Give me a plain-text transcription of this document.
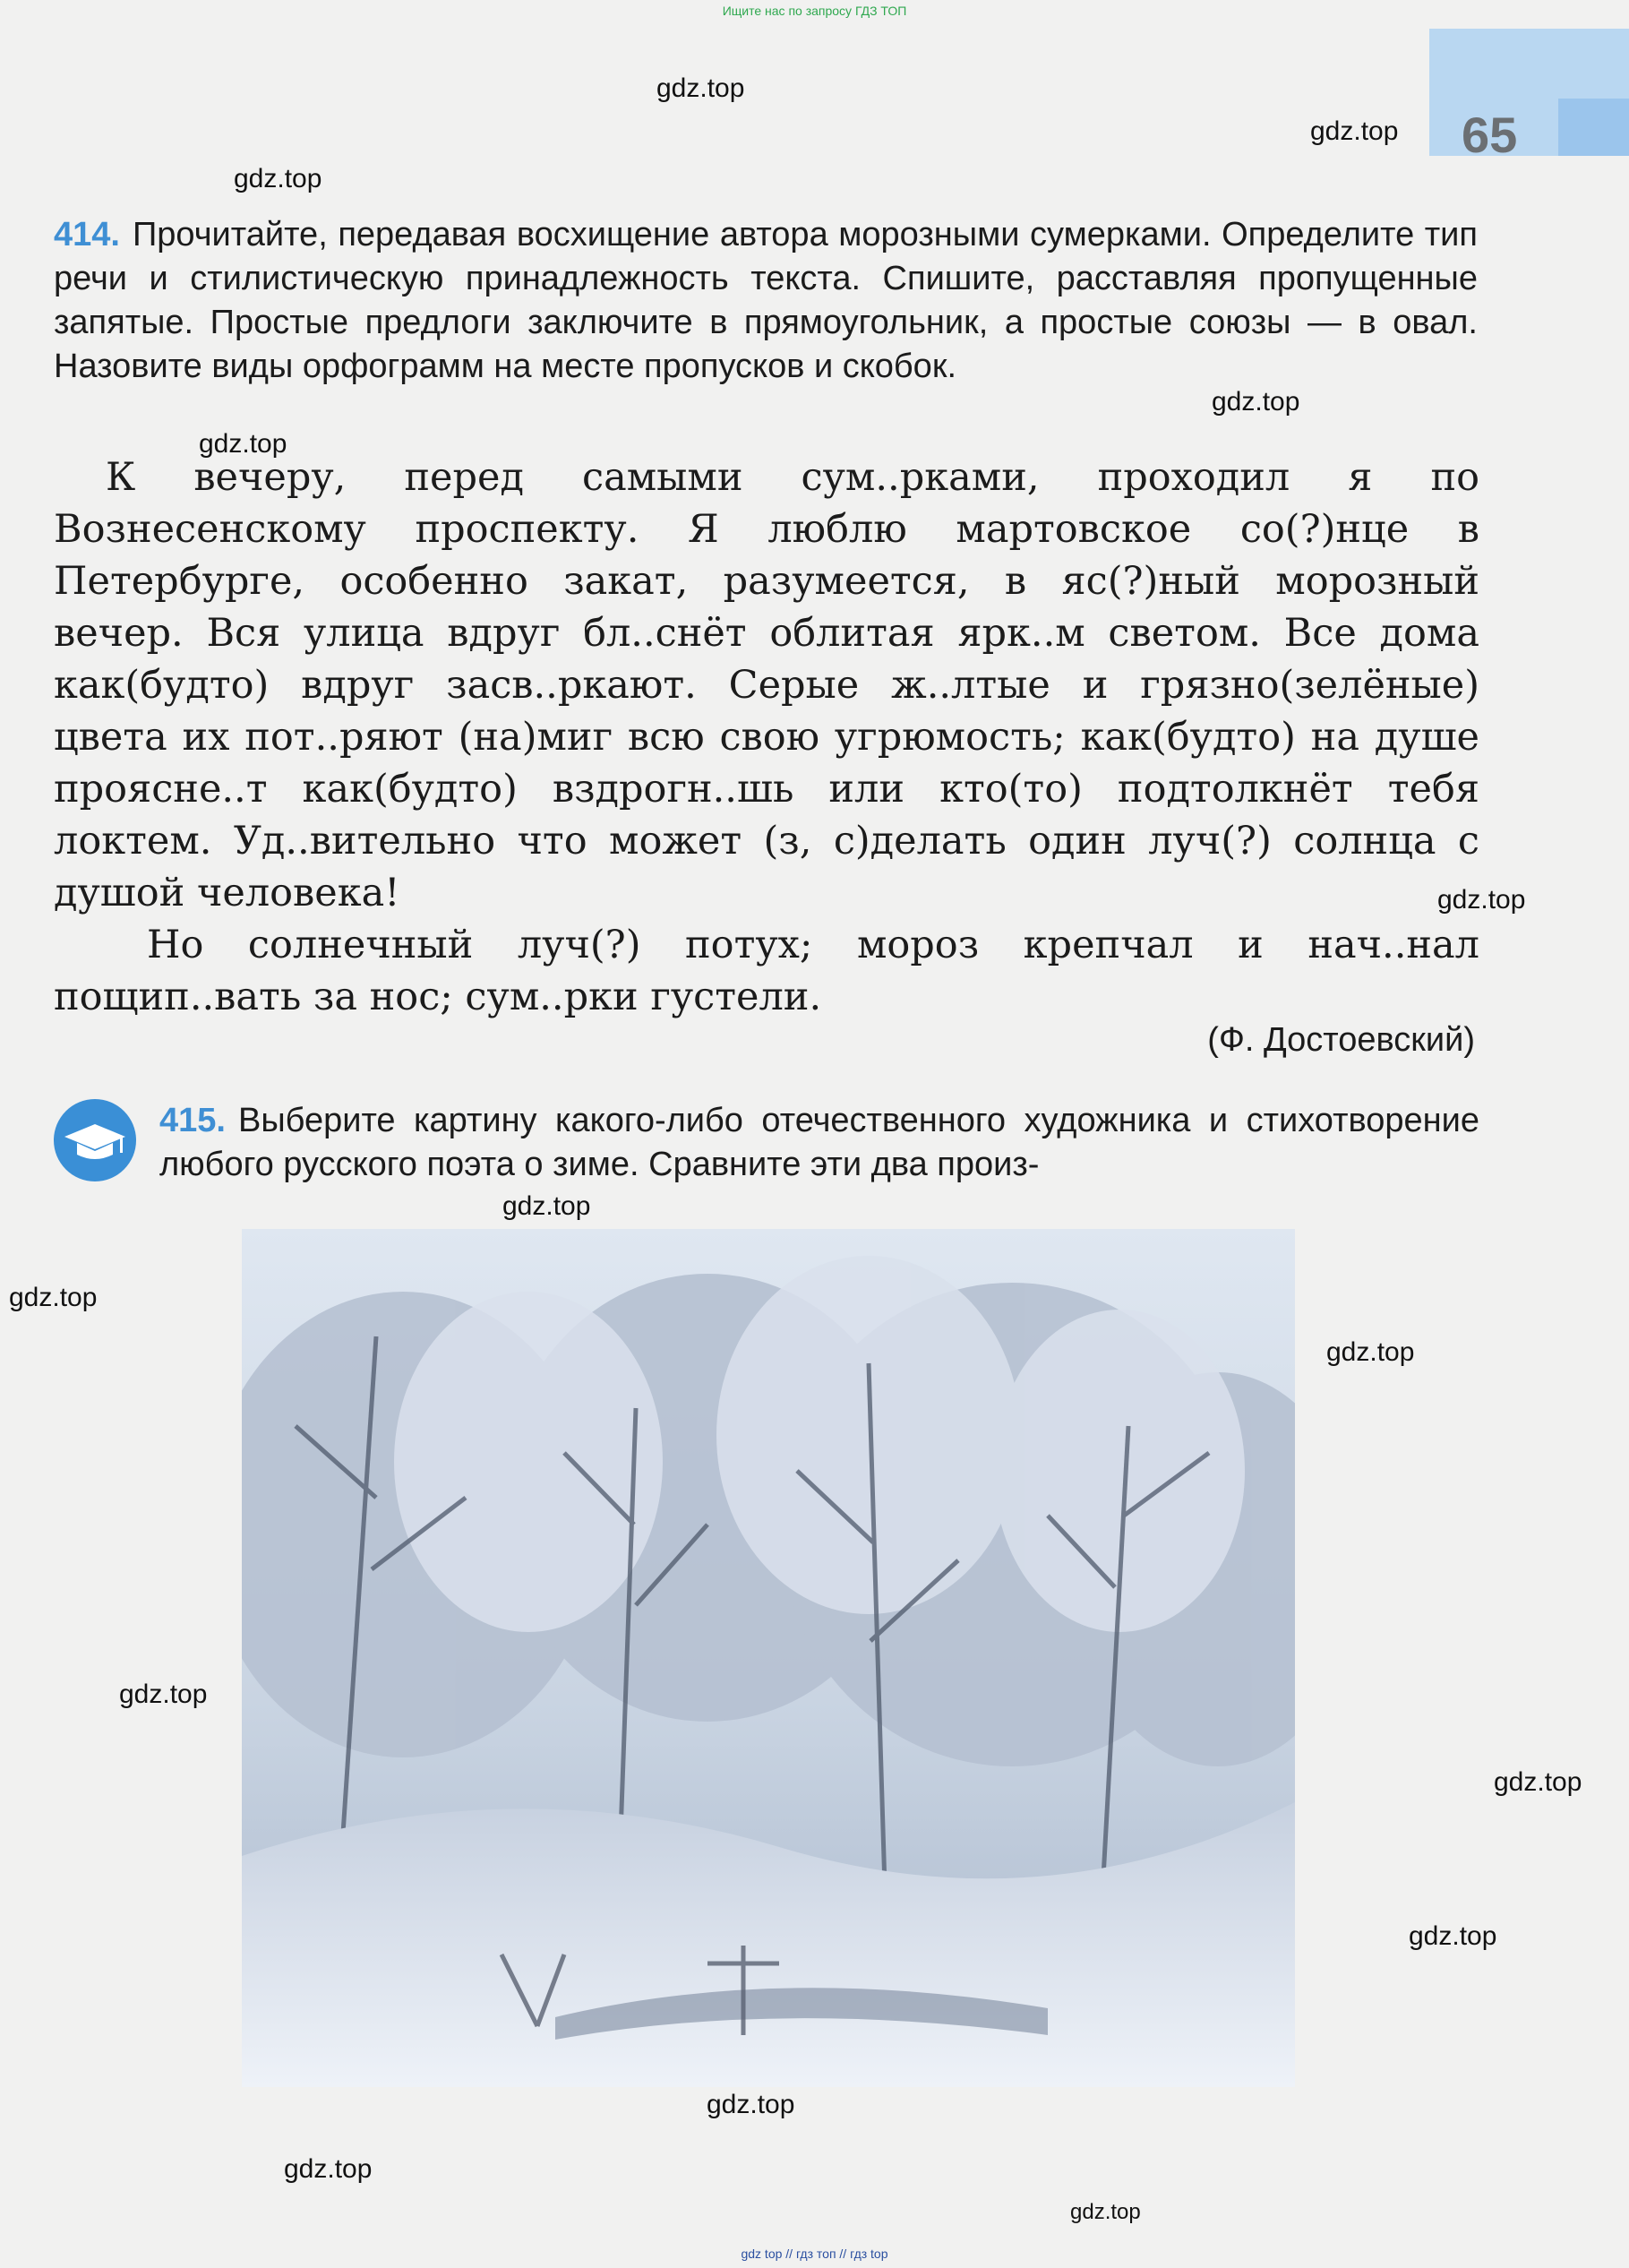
Ищите нас по запросу ГДЗ ТОП
65
gdz.top
gdz.top
gdz.top
gdz.top
gdz.top
gdz.top
gdz.top
gdz.top
gdz.top
gdz.top
gdz.top
gdz.top
gdz.top
gdz.top
gdz.top
414. Прочитайте, передавая восхищение автора морозными сумерками. Определите тип речи и стилистическую принадлежность текста. Спишите, расставляя пропущенные запятые. Простые предлоги заключите в прямоугольник, а простые союзы — в овал. Назовите виды орфограмм на месте пропусков и скобок.
К вечеру, перед самыми сум..рками, проходил я по Вознесенскому проспекту. Я люблю мартовское со(?)нце в Петербурге, особенно закат, разумеется, в яс(?)ный морозный вечер. Вся улица вдруг бл..снёт облитая ярк..м светом. Все дома как(будто) вдруг засв..ркают. Серые ж..лтые и грязно(зелёные) цвета их пот..ряют (на)миг всю свою угрюмость; как(будто) на душе проясне..т как(будто) вздрогн..шь или кто(то) подтолкнёт тебя локтем. Уд..вительно что может (з, с)делать один луч(?) солнца с душой человека!
Но солнечный луч(?) потух; мороз крепчал и нач..нал пощип..вать за нос; сум..рки густели.
(Ф. Достоевский)
415. Выберите картину какого-либо отечественного художника и стихотворение любого русского поэта о зиме. Сравните эти два произ-
gdz top // гдз топ // гдз top
